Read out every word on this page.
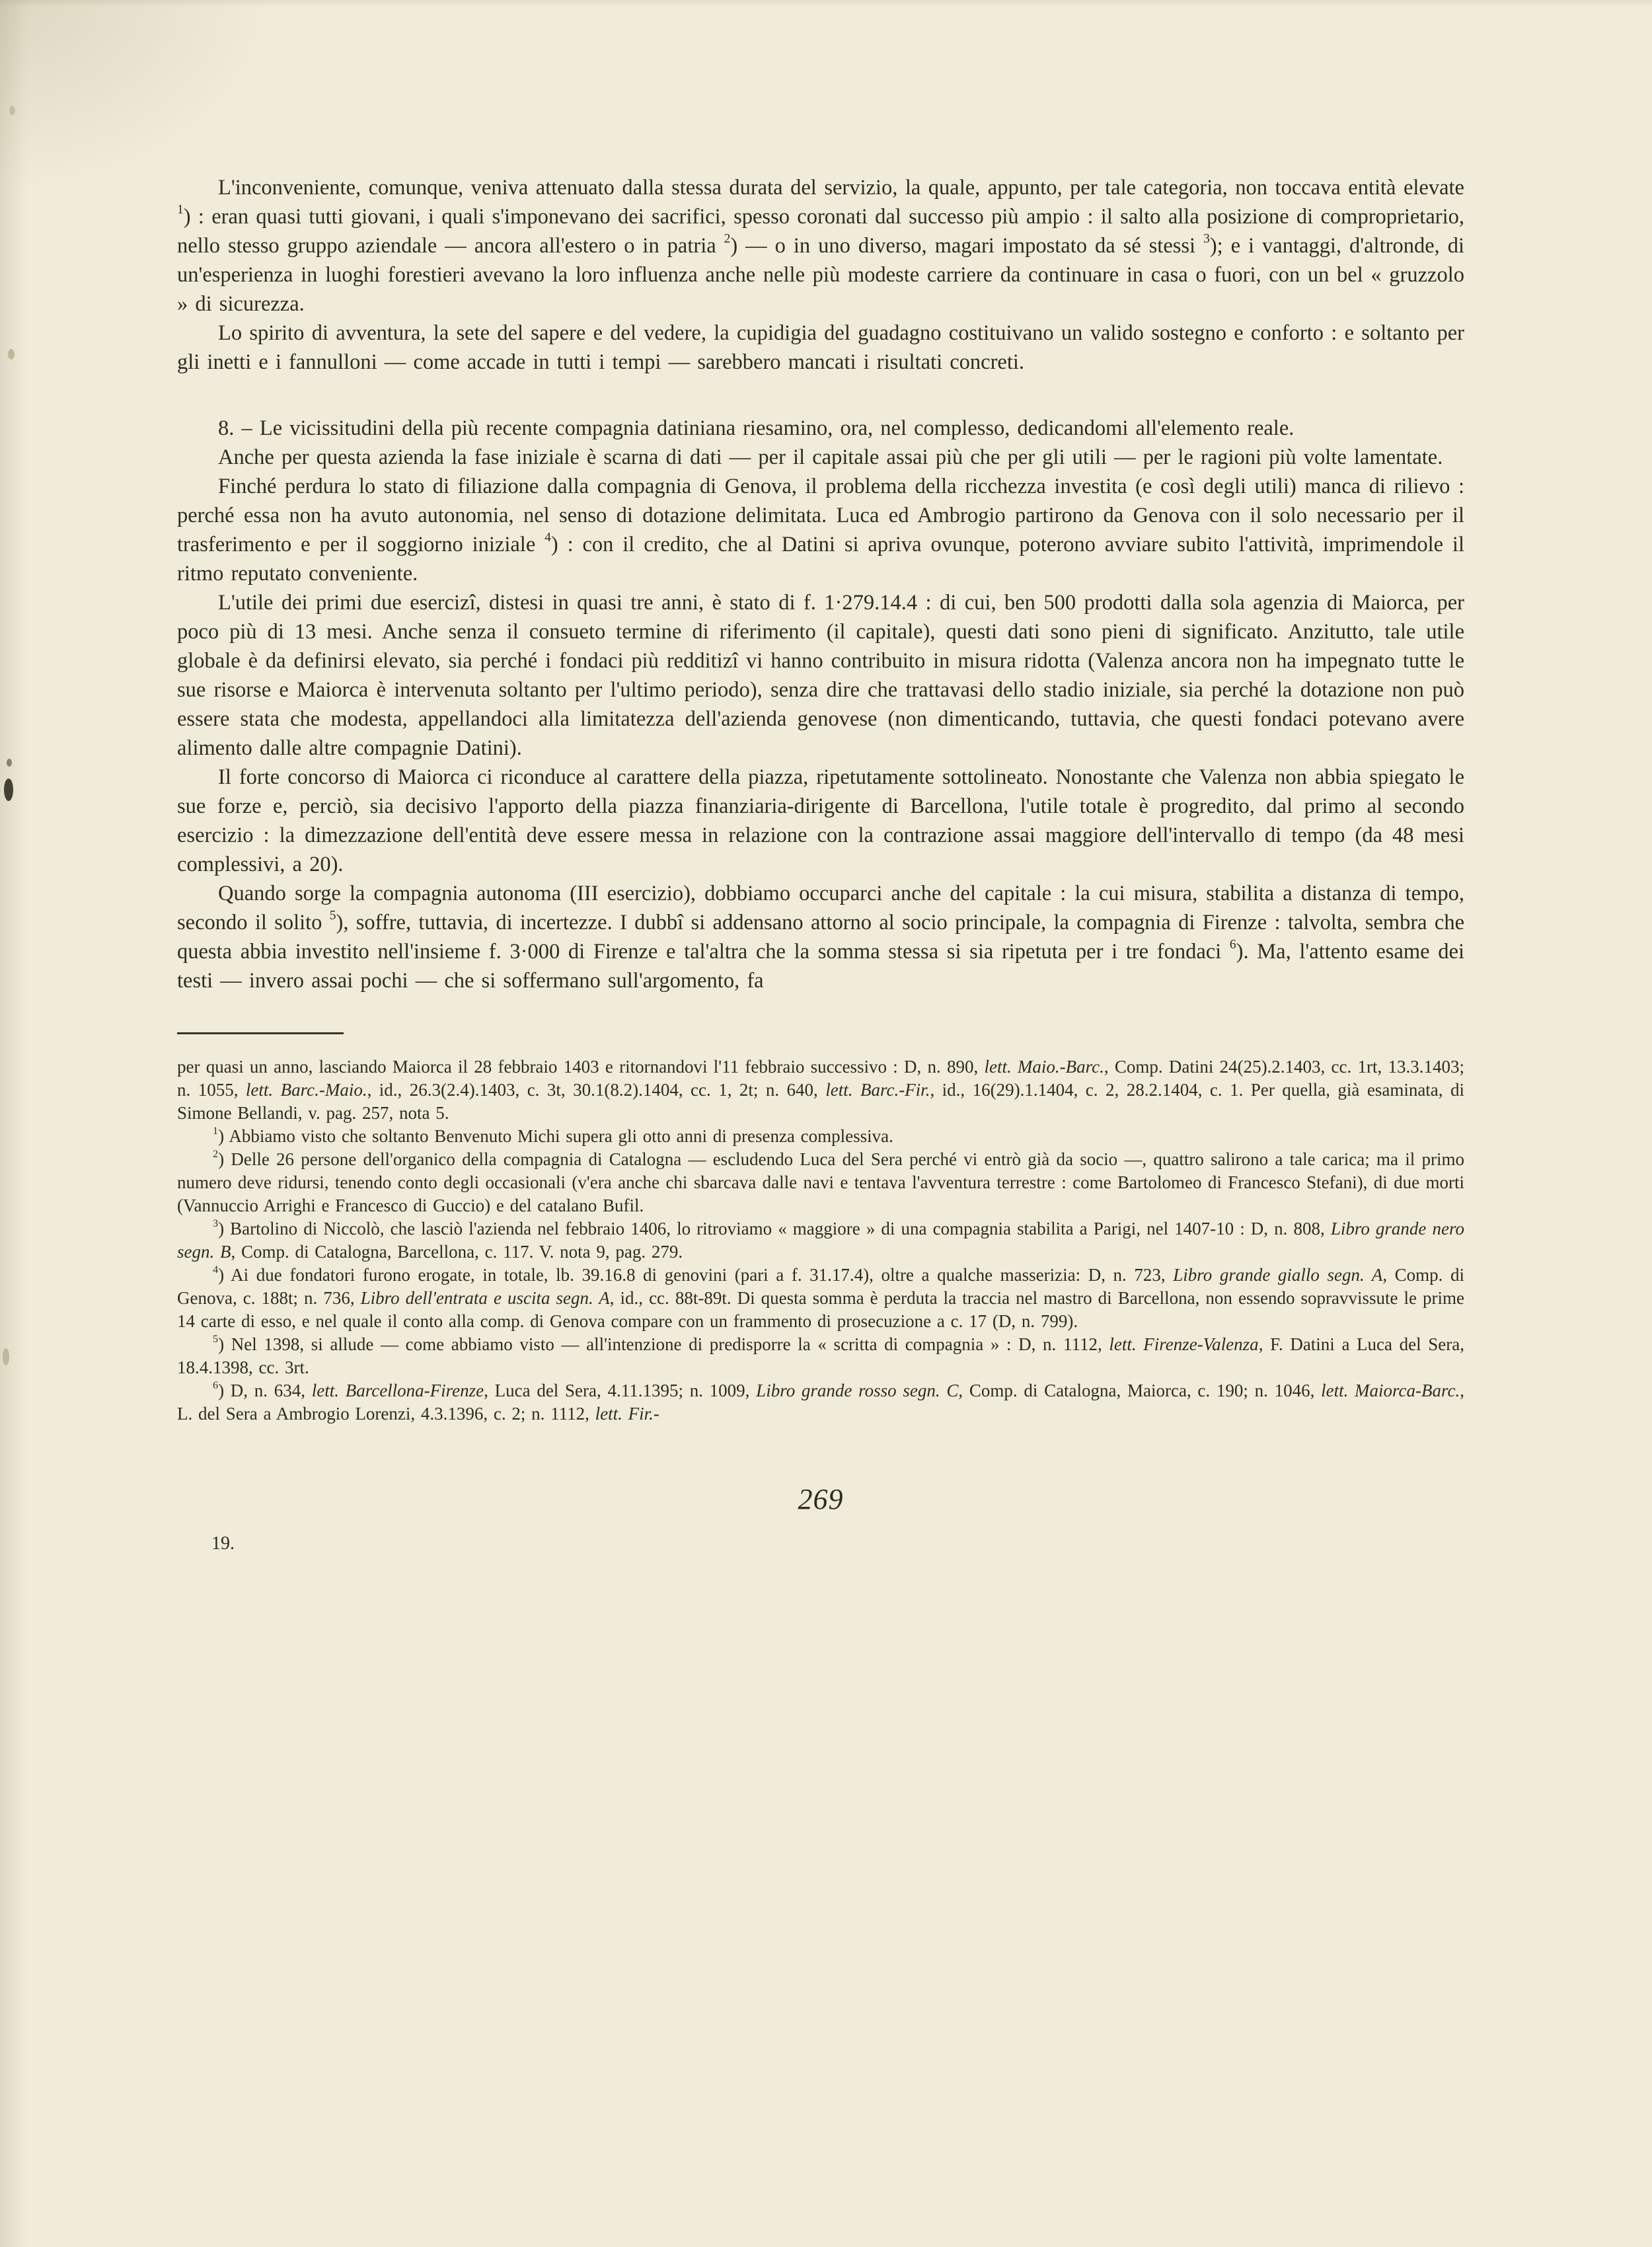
L'inconveniente, comunque, veniva attenuato dalla stessa durata del servizio, la quale, appunto, per tale categoria, non toccava entità elevate $^1$) : eran quasi tutti giovani, i quali s'imponevano dei sacrifici, spesso coronati dal successo più ampio : il salto alla posizione di comproprietario, nello stesso gruppo aziendale — ancora all'estero o in patria $^2$) — o in uno diverso, magari impostato da sé stessi $^3$); e i vantaggi, d'altronde, di un'esperienza in luoghi forestieri avevano la loro influenza anche nelle più modeste carriere da continuare in casa o fuori, con un bel « gruzzolo » di sicurezza.

Lo spirito di avventura, la sete del sapere e del vedere, la cupidigia del guadagno costituivano un valido sostegno e conforto : e soltanto per gli inetti e i fannulloni — come accade in tutti i tempi — sarebbero mancati i risultati concreti.

8. – Le vicissitudini della più recente compagnia datiniana riesamino, ora, nel complesso, dedicandomi all'elemento reale.

Anche per questa azienda la fase iniziale è scarna di dati — per il capitale assai più che per gli utili — per le ragioni più volte lamentate.

Finché perdura lo stato di filiazione dalla compagnia di Genova, il problema della ricchezza investita (e così degli utili) manca di rilievo : perché essa non ha avuto autonomia, nel senso di dotazione delimitata. Luca ed Ambrogio partirono da Genova con il solo necessario per il trasferimento e per il soggiorno iniziale $^4$) : con il credito, che al Datini si apriva ovunque, poterono avviare subito l'attività, imprimendole il ritmo reputato conveniente.

L'utile dei primi due esercizî, distesi in quasi tre anni, è stato di f. 1·279.14.4 : di cui, ben 500 prodotti dalla sola agenzia di Maiorca, per poco più di 13 mesi. Anche senza il consueto termine di riferimento (il capitale), questi dati sono pieni di significato. Anzitutto, tale utile globale è da definirsi elevato, sia perché i fondaci più redditizî vi hanno contribuito in misura ridotta (Valenza ancora non ha impegnato tutte le sue risorse e Maiorca è intervenuta soltanto per l'ultimo periodo), senza dire che trattavasi dello stadio iniziale, sia perché la dotazione non può essere stata che modesta, appellandoci alla limitatezza dell'azienda genovese (non dimenticando, tuttavia, che questi fondaci potevano avere alimento dalle altre compagnie Datini).

Il forte concorso di Maiorca ci riconduce al carattere della piazza, ripetutamente sottolineato. Nonostante che Valenza non abbia spiegato le sue forze e, perciò, sia decisivo l'apporto della piazza finanziaria-dirigente di Barcellona, l'utile totale è progredito, dal primo al secondo esercizio : la dimezzazione dell'entità deve essere messa in relazione con la contrazione assai maggiore dell'intervallo di tempo (da 48 mesi complessivi, a 20).

Quando sorge la compagnia autonoma (III esercizio), dobbiamo occuparci anche del capitale : la cui misura, stabilita a distanza di tempo, secondo il solito $^5$), soffre, tuttavia, di incertezze. I dubbî si addensano attorno al socio principale, la compagnia di Firenze : talvolta, sembra che questa abbia investito nell'insieme f. 3·000 di Firenze e tal'altra che la somma stessa si sia ripetuta per i tre fondaci $^6$). Ma, l'attento esame dei testi — invero assai pochi — che si soffermano sull'argomento, fa

per quasi un anno, lasciando Maiorca il 28 febbraio 1403 e ritornandovi l'11 febbraio successivo : D, n. 890, lett. Maio.-Barc., Comp. Datini 24(25).2.1403, cc. 1rt, 13.3.1403; n. 1055, lett. Barc.-Maio., id., 26.3(2.4).1403, c. 3t, 30.1(8.2).1404, cc. 1, 2t; n. 640, lett. Barc.-Fir., id., 16(29).1.1404, c. 2, 28.2.1404, c. 1. Per quella, già esaminata, di Simone Bellandi, v. pag. 257, nota 5.

$^1$) Abbiamo visto che soltanto Benvenuto Michi supera gli otto anni di presenza complessiva.

$^2$) Delle 26 persone dell'organico della compagnia di Catalogna — escludendo Luca del Sera perché vi entrò già da socio —, quattro salirono a tale carica; ma il primo numero deve ridursi, tenendo conto degli occasionali (v'era anche chi sbarcava dalle navi e tentava l'avventura terrestre : come Bartolomeo di Francesco Stefani), di due morti (Vannuccio Arrighi e Francesco di Guccio) e del catalano Bufil.

$^3$) Bartolino di Niccolò, che lasciò l'azienda nel febbraio 1406, lo ritroviamo « maggiore » di una compagnia stabilita a Parigi, nel 1407-10 : D, n. 808, Libro grande nero segn. B, Comp. di Catalogna, Barcellona, c. 117. V. nota 9, pag. 279.

$^4$) Ai due fondatori furono erogate, in totale, lb. 39.16.8 di genovini (pari a f. 31.17.4), oltre a qualche masserizia: D, n. 723, Libro grande giallo segn. A, Comp. di Genova, c. 188t; n. 736, Libro dell'entrata e uscita segn. A, id., cc. 88t-89t. Di questa somma è perduta la traccia nel mastro di Barcellona, non essendo sopravvissute le prime 14 carte di esso, e nel quale il conto alla comp. di Genova compare con un frammento di prosecuzione a c. 17 (D, n. 799).

$^5$) Nel 1398, si allude — come abbiamo visto — all'intenzione di predisporre la « scritta di compagnia » : D, n. 1112, lett. Firenze-Valenza, F. Datini a Luca del Sera, 18.4.1398, cc. 3rt.

$^6$) D, n. 634, lett. Barcellona-Firenze, Luca del Sera, 4.11.1395; n. 1009, Libro grande rosso segn. C, Comp. di Catalogna, Maiorca, c. 190; n. 1046, lett. Maiorca-Barc., L. del Sera a Ambrogio Lorenzi, 4.3.1396, c. 2; n. 1112, lett. Fir.-

269
19.
